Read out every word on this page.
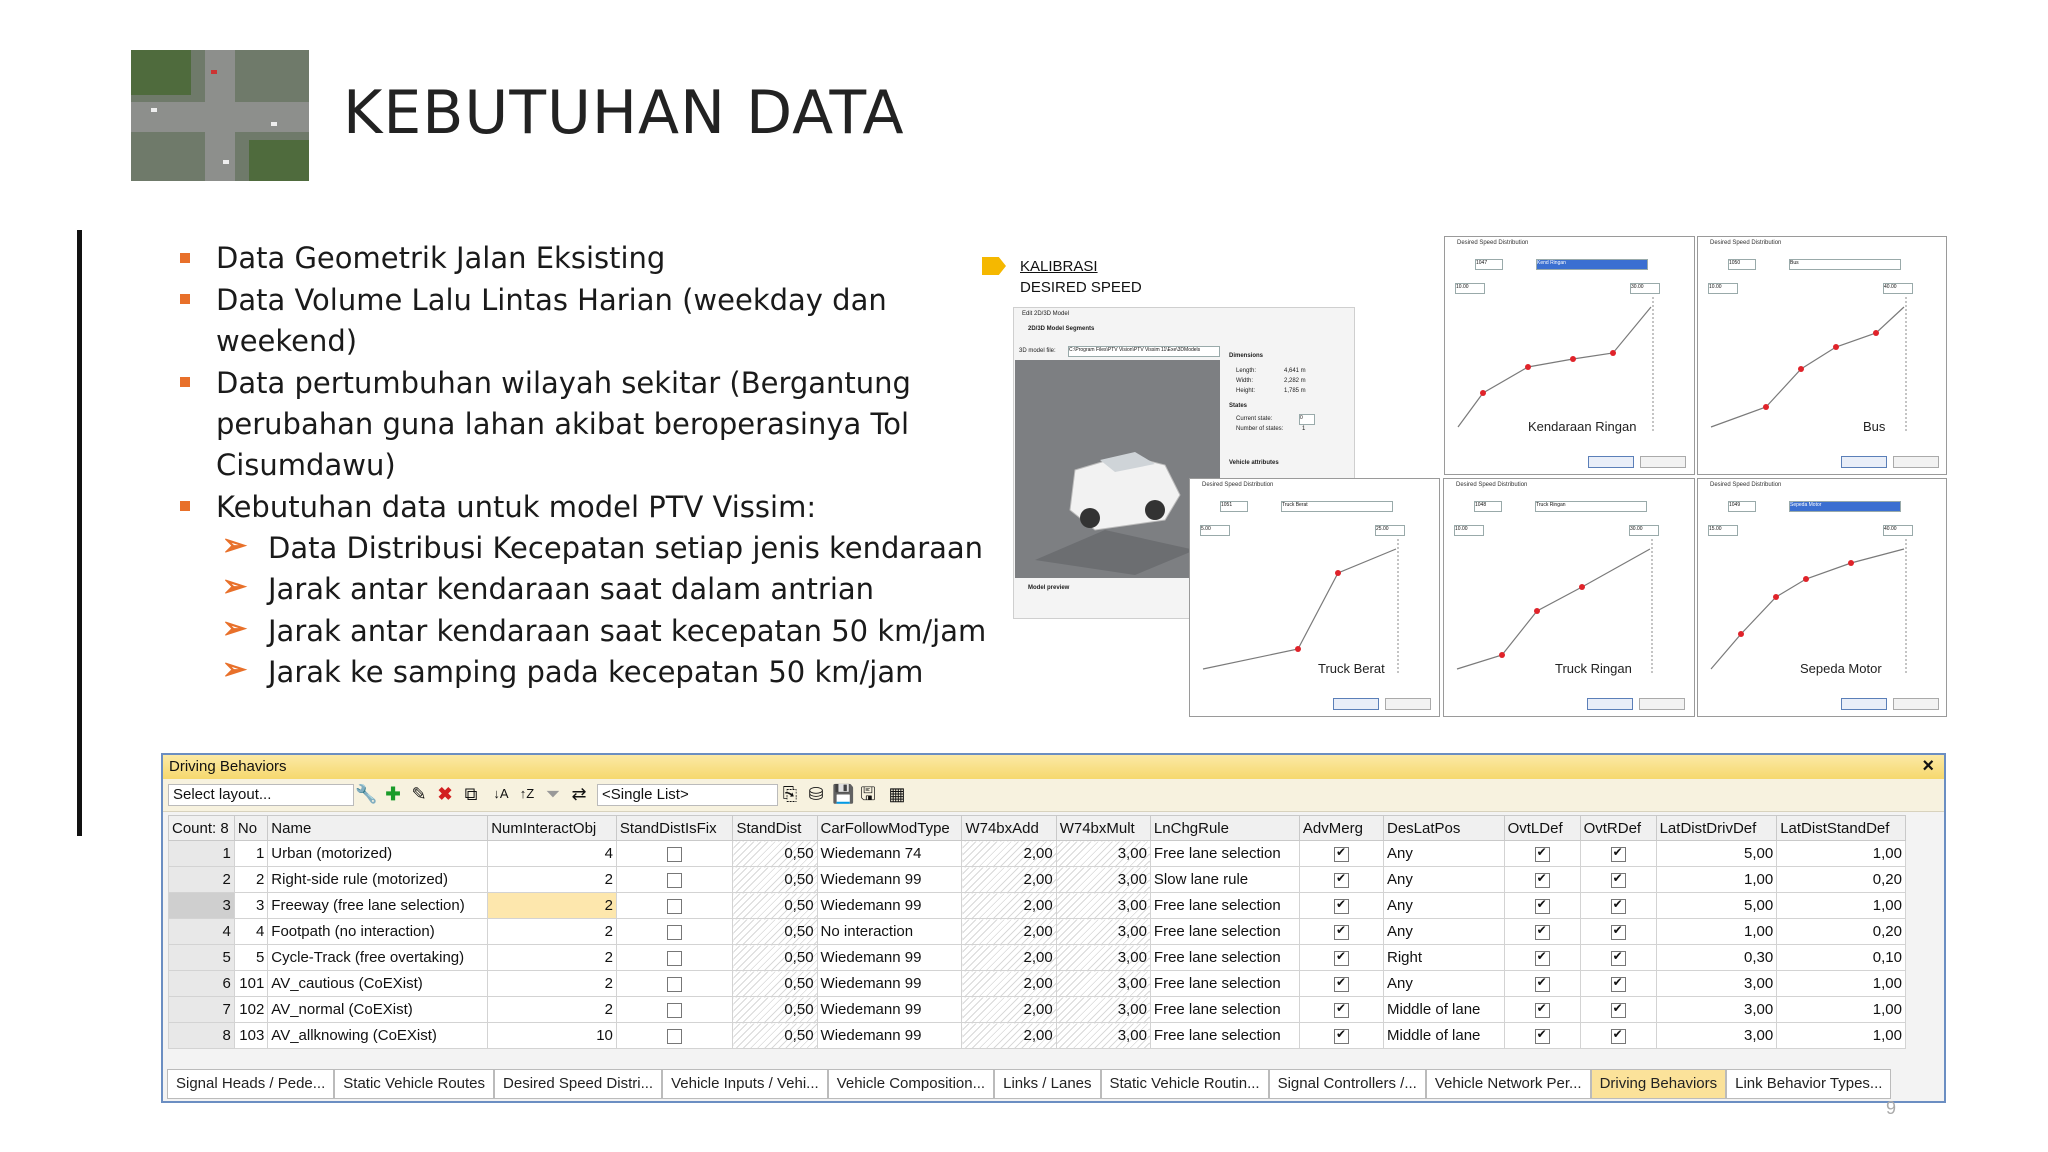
KEBUTUHAN DATA
Data Geometrik Jalan Eksisting
Data Volume Lalu Lintas Harian (weekday dan
weekend)
Data pertumbuhan wilayah sekitar (Bergantung
perubahan guna lahan akibat beroperasinya Tol
Cisumdawu)
Kebutuhan data untuk model PTV Vissim:
➢ Data Distribusi Kecepatan setiap jenis kendaraan
➢ Jarak antar kendaraan saat dalam antrian
➢ Jarak antar kendaraan saat kecepatan 50 km/jam
➢ Jarak ke samping pada kecepatan 50 km/jam
KALIBRASI
DESIRED SPEED
Edit 2D/3D Model
2D/3D Model Segments
3D model file:	C:\Program Files\PTV Vision\PTV Vissim 11\Exe\3DModels
Dimensions
Length:	4,641 m
Width:	2,282 m
Height:	1,785 m
States
Current state:	0
Number of states:	1
Vehicle attributes
Model preview
Desired Speed Distribution
1047	Kend Ringan
10.00	30.00
Kendaraan Ringan
Desired Speed Distribution
1050	Bus
10.00	40.00
Bus
Desired Speed Distribution
1051	Truck Berat
5.00	25.00
Truck Berat
Desired Speed Distribution
1048	Truck Ringan
10.00	30.00
Truck Ringan
Desired Speed Distribution
1049	Sepeda Motor
15.00	40.00
Sepeda Motor
Driving Behaviors	×
Select layout...	🔧 ✚ ✎ ✖ ⧉ ↓A ↑Z ⏷ ⇄	<Single List>	⎘ ⛁ 💾 🖫 ▦
Count: 8	No	Name	NumInteractObj	StandDistIsFix	StandDist	CarFollowModType	W74bxAdd	W74bxMult	LnChgRule	AdvMerg	DesLatPos	OvtLDef	OvtRDef	LatDistDrivDef	LatDistStandDef
1	1	Urban (motorized)	4		0,50	Wiedemann 74	2,00	3,00	Free lane selection	✔	Any	✔	✔	5,00	1,00
2	2	Right-side rule (motorized)	2		0,50	Wiedemann 99	2,00	3,00	Slow lane rule	✔	Any	✔	✔	1,00	0,20
3	3	Freeway (free lane selection)	2		0,50	Wiedemann 99	2,00	3,00	Free lane selection	✔	Any	✔	✔	5,00	1,00
4	4	Footpath (no interaction)	2		0,50	No interaction	2,00	3,00	Free lane selection	✔	Any	✔	✔	1,00	0,20
5	5	Cycle-Track (free overtaking)	2		0,50	Wiedemann 99	2,00	3,00	Free lane selection	✔	Right	✔	✔	0,30	0,10
6	101	AV_cautious (CoEXist)	2		0,50	Wiedemann 99	2,00	3,00	Free lane selection	✔	Any	✔	✔	3,00	1,00
7	102	AV_normal (CoEXist)	2		0,50	Wiedemann 99	2,00	3,00	Free lane selection	✔	Middle of lane	✔	✔	3,00	1,00
8	103	AV_allknowing (CoEXist)	10		0,50	Wiedemann 99	2,00	3,00	Free lane selection	✔	Middle of lane	✔	✔	3,00	1,00
Signal Heads / Pede...	Static Vehicle Routes	Desired Speed Distri...	Vehicle Inputs / Vehi...	Vehicle Composition...	Links / Lanes	Static Vehicle Routin...	Signal Controllers /...	Vehicle Network Per...	Driving Behaviors	Link Behavior Types...
9
